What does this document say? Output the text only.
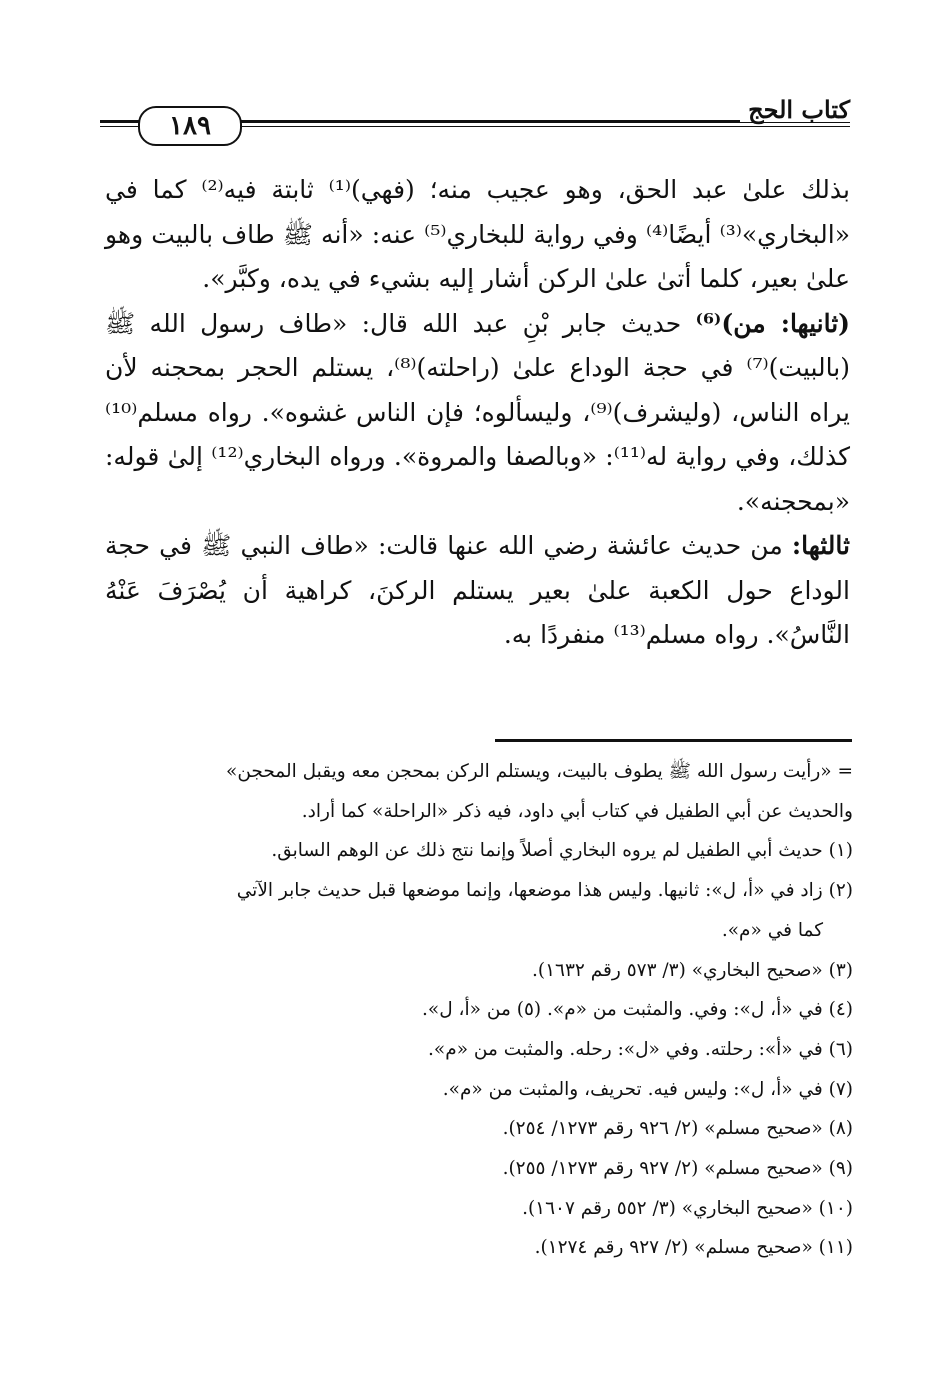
١٨٩
كتاب الحج

بذلك علىٰ عبد الحق، وهو عجيب منه؛ (فهي)⁽¹⁾ ثابتة فيه⁽²⁾ كما في «البخاري»⁽³⁾ أيضًا⁽⁴⁾ وفي رواية للبخاري⁽⁵⁾ عنه: «أنه ﷺ طاف بالبيت وهو علىٰ بعير، كلما أتىٰ علىٰ الركن أشار إليه بشيء في يده، وكبَّر».

(ثانيها: من)⁽⁶⁾ حديث جابر بْنِ عبد الله قال: «طاف رسول الله ﷺ (بالبيت)⁽⁷⁾ في حجة الوداع علىٰ (راحلته)⁽⁸⁾، يستلم الحجر بمحجنه لأن يراه الناس، (وليشرف)⁽⁹⁾، وليسألوه؛ فإن الناس غشوه». رواه مسلم⁽¹⁰⁾ كذلك، وفي رواية له⁽¹¹⁾: «وبالصفا والمروة». ورواه البخاري⁽¹²⁾ إلىٰ قوله: «بمحجنه».

ثالثها: من حديث عائشة رضي الله عنها قالت: «طاف النبي ﷺ في حجة الوداع حول الكعبة علىٰ بعير يستلم الركنَ، كراهية أن يُصْرَفَ عَنْهُ النَّاسُ». رواه مسلم⁽¹³⁾ منفردًا به.

= «رأيت رسول الله ﷺ يطوف بالبيت، ويستلم الركن بمحجن معه ويقبل المحجن»
والحديث عن أبي الطفيل في كتاب أبي داود، فيه ذكر «الراحلة» كما أراد.
(١) حديث أبي الطفيل لم يروه البخاري أصلاً وإنما نتج ذلك عن الوهم السابق.
(٢) زاد في «أ، ل»: ثانيها. وليس هذا موضعها، وإنما موضعها قبل حديث جابر الآتي
كما في «م».
(٣) «صحيح البخاري» (٣/ ٥٧٣ رقم ١٦٣٢).
(٤) في «أ، ل»: وفي. والمثبت من «م». (٥) من «أ، ل».
(٦) في «أ»: رحلته. وفي «ل»: رحله. والمثبت من «م».
(٧) في «أ، ل»: وليس فيه. تحريف، والمثبت من «م».
(٨) «صحيح مسلم» (٢/ ٩٢٦ رقم ١٢٧٣/ ٢٥٤).
(٩) «صحيح مسلم» (٢/ ٩٢٧ رقم ١٢٧٣/ ٢٥٥).
(١٠) «صحيح البخاري» (٣/ ٥٥٢ رقم ١٦٠٧).
(١١) «صحيح مسلم» (٢/ ٩٢٧ رقم ١٢٧٤).
